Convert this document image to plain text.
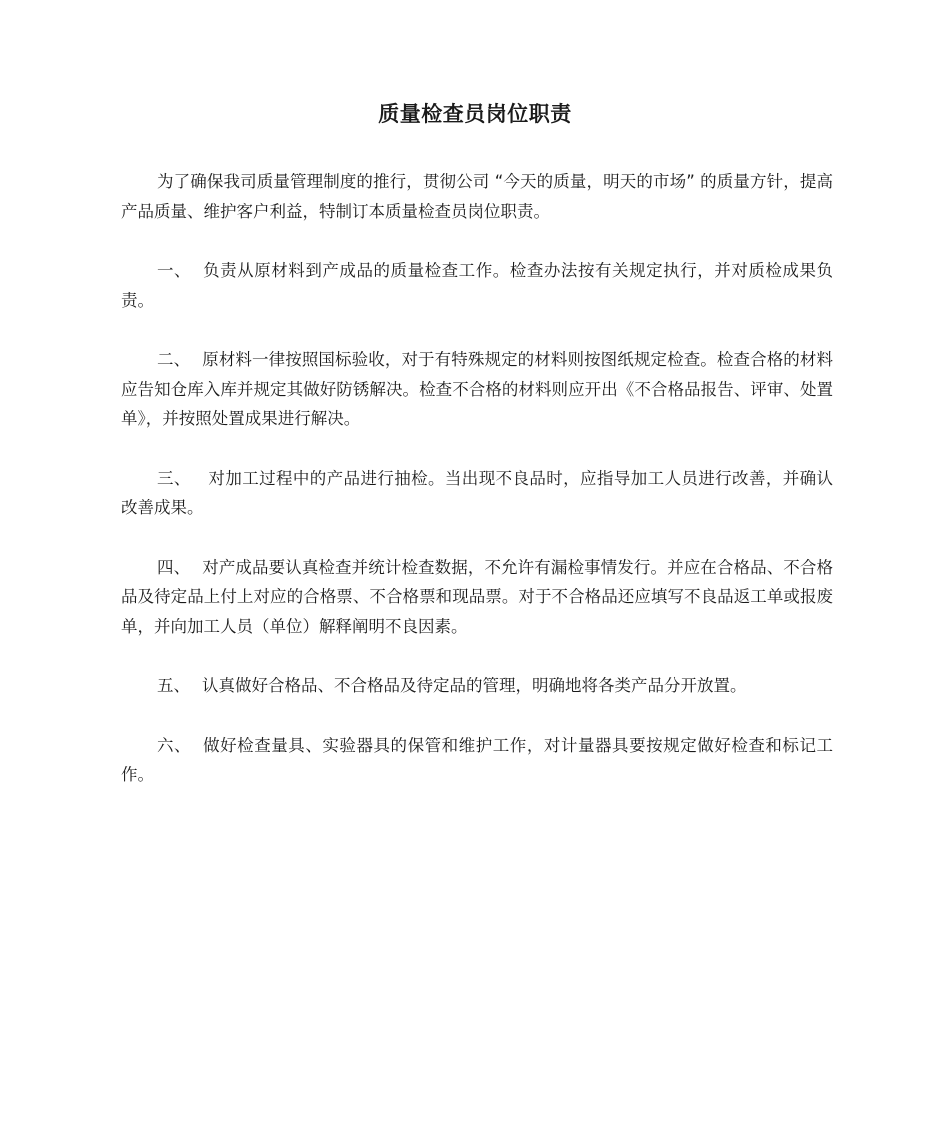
质量检查员岗位职责

为了确保我司质量管理制度的推行，贯彻公司 “今天的质量，明天的市场” 的质量方针，提高产品质量、维护客户利益，特制订本质量检查员岗位职责。

一、 负责从原材料到产成品的质量检查工作。检查办法按有关规定执行，并对质检成果负责。

二、 原材料一律按照国标验收，对于有特殊规定的材料则按图纸规定检查。检查合格的材料应告知仓库入库并规定其做好防锈解决。检查不合格的材料则应开出《不合格品报告、评审、处置单》，并按照处置成果进行解决。

三、 对加工过程中的产品进行抽检。当出现不良品时，应指导加工人员进行改善，并确认改善成果。

四、 对产成品要认真检查并统计检查数据，不允许有漏检事情发行。并应在合格品、不合格品及待定品上付上对应的合格票、不合格票和现品票。对于不合格品还应填写不良品返工单或报废单，并向加工人员（单位）解释阐明不良因素。

五、 认真做好合格品、不合格品及待定品的管理，明确地将各类产品分开放置。

六、 做好检查量具、实验器具的保管和维护工作，对计量器具要按规定做好检查和标记工作。
